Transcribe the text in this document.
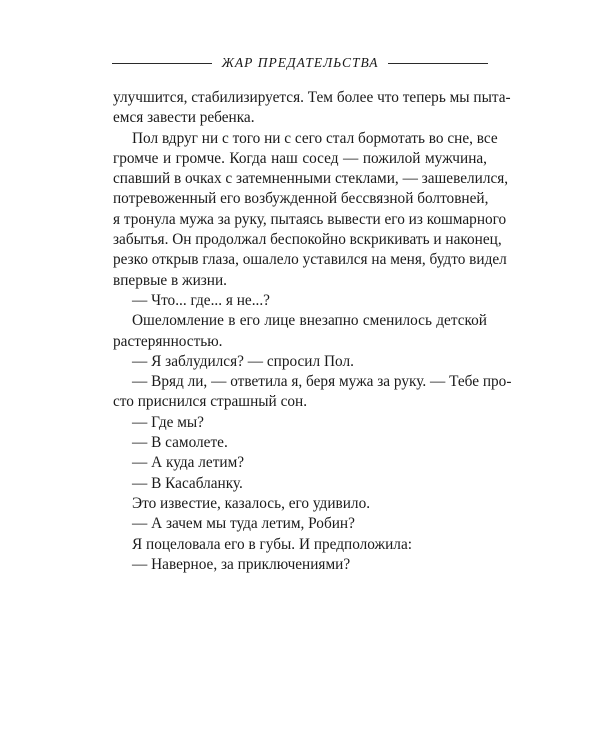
ЖАР ПРЕДАТЕЛЬСТВА
улучшится, стабилизируется. Тем более что теперь мы пыта-
емся завести ребенка.
Пол вдруг ни с того ни с сего стал бормотать во сне, все
громче и громче. Когда наш сосед — пожилой мужчина,
спавший в очках с затемненными стеклами, — зашевелился,
потревоженный его возбужденной бессвязной болтовней,
я тронула мужа за руку, пытаясь вывести его из кошмарного
забытья. Он продолжал беспокойно вскрикивать и наконец,
резко открыв глаза, ошалело уставился на меня, будто видел
впервые в жизни.
— Что... где... я не...?
Ошеломление в его лице внезапно сменилось детской
растерянностью.
— Я заблудился? — спросил Пол.
— Вряд ли, — ответила я, беря мужа за руку. — Тебе про-
сто приснился страшный сон.
— Где мы?
— В самолете.
— А куда летим?
— В Касабланку.
Это известие, казалось, его удивило.
— А зачем мы туда летим, Робин?
Я поцеловала его в губы. И предположила:
— Наверное, за приключениями?
